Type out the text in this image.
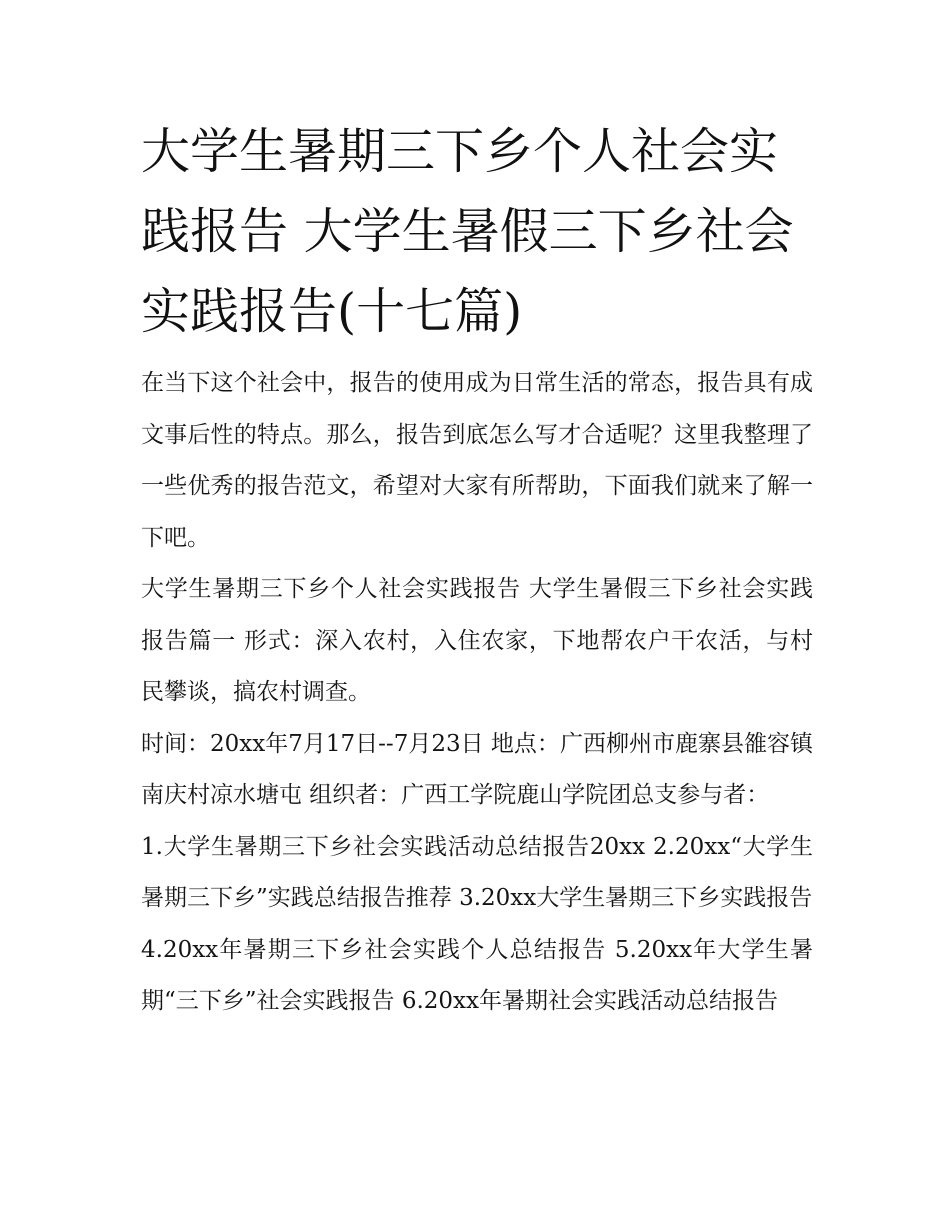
大学生暑期三下乡个人社会实践报告 大学生暑假三下乡社会实践报告(十七篇)

在当下这个社会中，报告的使用成为日常生活的常态，报告具有成文事后性的特点。那么，报告到底怎么写才合适呢？这里我整理了一些优秀的报告范文，希望对大家有所帮助，下面我们就来了解一下吧。

大学生暑期三下乡个人社会实践报告 大学生暑假三下乡社会实践报告篇一 形式：深入农村，入住农家，下地帮农户干农活，与村民攀谈，搞农村调查。

时间：20xx年7月17日--7月23日 地点：广西柳州市鹿寨县雒容镇南庆村凉水塘屯 组织者：广西工学院鹿山学院团总支参与者：

1.大学生暑期三下乡社会实践活动总结报告20xx 2.20xx“大学生暑期三下乡”实践总结报告推荐 3.20xx大学生暑期三下乡实践报告

4.20xx年暑期三下乡社会实践个人总结报告 5.20xx年大学生暑期“三下乡”社会实践报告 6.20xx年暑期社会实践活动总结报告
